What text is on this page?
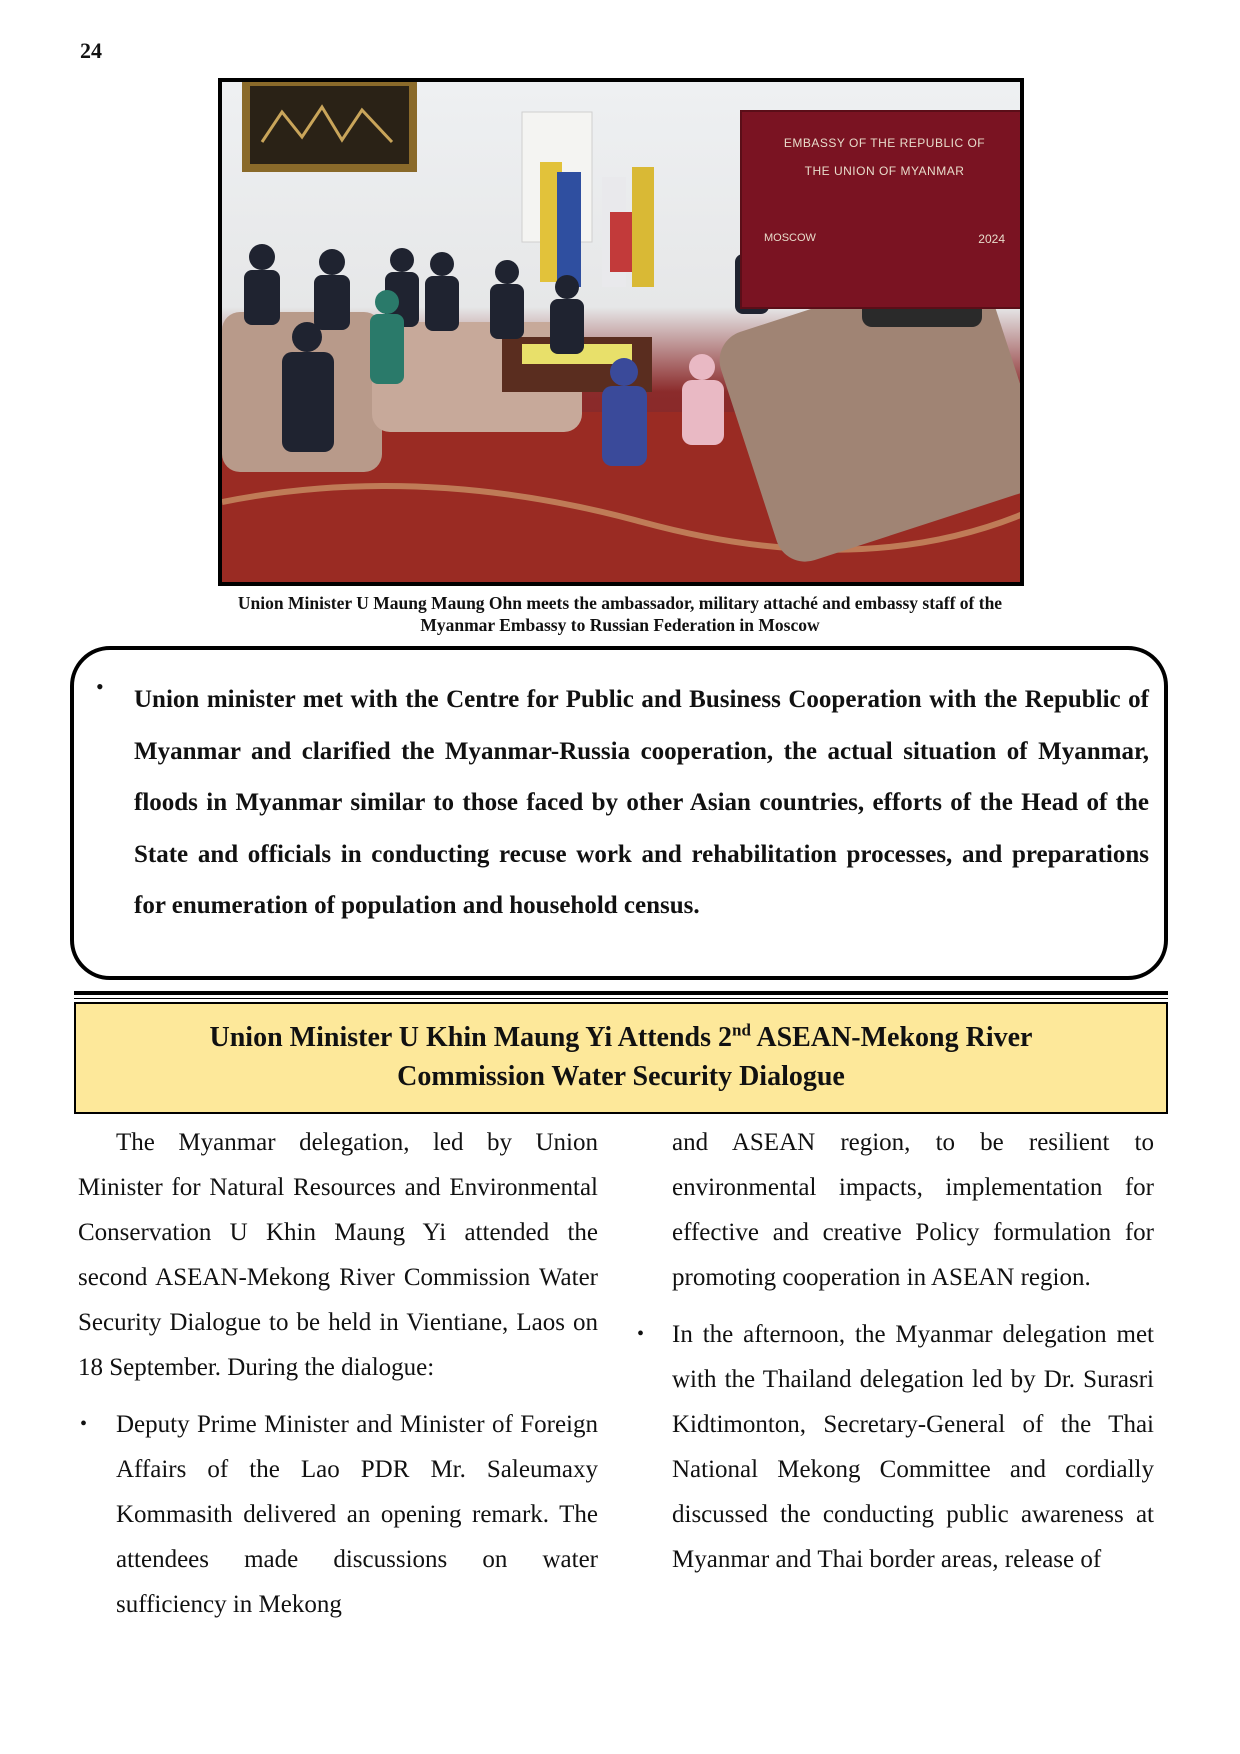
24
EMBASSY OF THE REPUBLIC OF
THE UNION OF MYANMAR
MOSCOW	2024
Union Minister U Maung Maung Ohn meets the ambassador, military attaché and embassy staff of the
Myanmar Embassy to Russian Federation in Moscow
• Union minister met with the Centre for Public and Business Cooperation with the Republic of Myanmar and clarified the Myanmar-Russia cooperation, the actual situation of Myanmar, floods in Myanmar similar to those faced by other Asian countries, efforts of the Head of the State and officials in conducting recuse work and rehabilitation processes, and preparations for enumeration of population and household census.
Union Minister U Khin Maung Yi Attends 2nd ASEAN-Mekong River
Commission Water Security Dialogue

The Myanmar delegation, led by Union Minister for Natural Resources and Environmental Conservation U Khin Maung Yi attended the second ASEAN-Mekong River Commission Water Security Dialogue to be held in Vientiane, Laos on 18 September. During the dialogue:

• Deputy Prime Minister and Minister of Foreign Affairs of the Lao PDR Mr. Saleumaxy Kommasith delivered an opening remark. The attendees made discussions on water sufficiency in Mekong

and ASEAN region, to be resilient to environmental impacts, implementation for effective and creative Policy formulation for promoting cooperation in ASEAN region.

• In the afternoon, the Myanmar delegation met with the Thailand delegation led by Dr. Surasri Kidtimonton, Secretary-General of the Thai National Mekong Committee and cordially discussed the conducting public awareness at Myanmar and Thai border areas, release of
